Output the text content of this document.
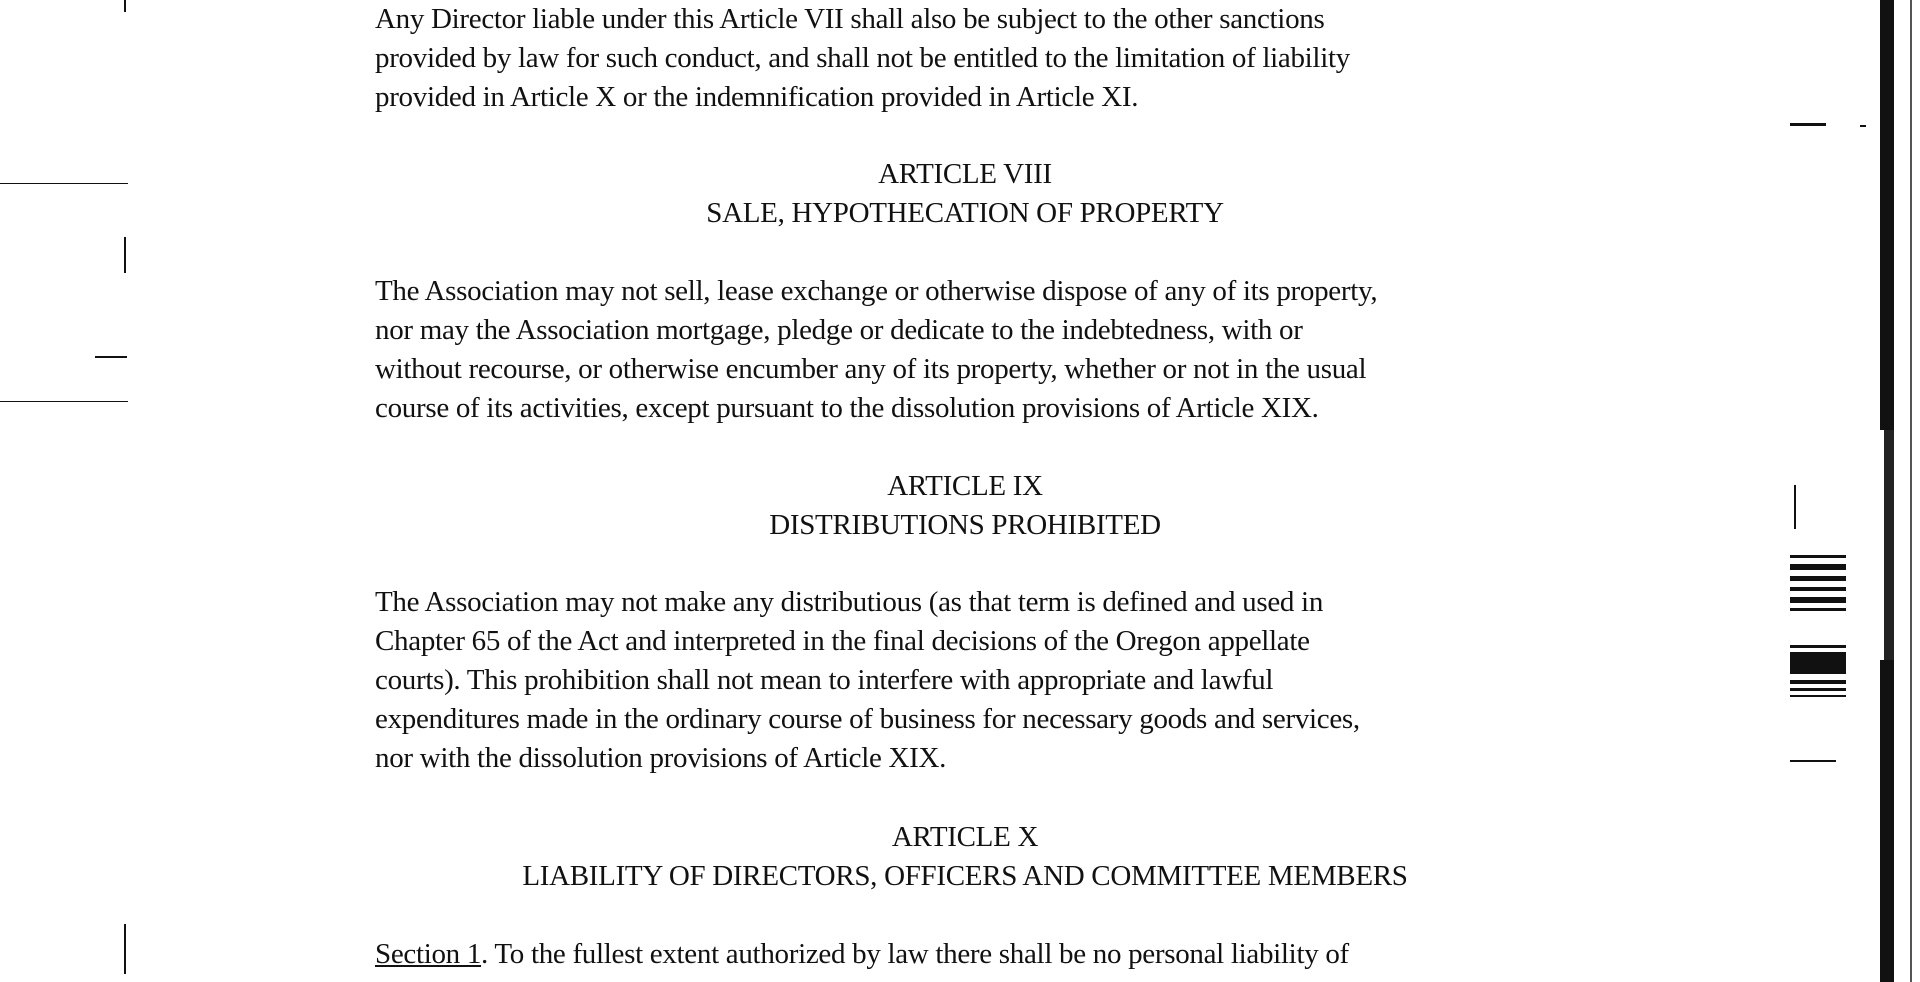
Any Director liable under this Article VII shall also be subject to the other sanctions
provided by law for such conduct, and shall not be entitled to the limitation of liability
provided in Article X or the indemnification provided in Article XI.
ARTICLE VIII
SALE, HYPOTHECATION OF PROPERTY
The Association may not sell, lease exchange or otherwise dispose of any of its property,
nor may the Association mortgage, pledge or dedicate to the indebtedness, with or
without recourse, or otherwise encumber any of its property, whether or not in the usual
course of its activities, except pursuant to the dissolution provisions of Article XIX.
ARTICLE IX
DISTRIBUTIONS PROHIBITED
The Association may not make any distributious (as that term is defined and used in
Chapter 65 of the Act and interpreted in the final decisions of the Oregon appellate
courts). This prohibition shall not mean to interfere with appropriate and lawful
expenditures made in the ordinary course of business for necessary goods and services,
nor with the dissolution provisions of Article XIX.
ARTICLE X
LIABILITY OF DIRECTORS, OFFICERS AND COMMITTEE MEMBERS
Section 1. To the fullest extent authorized by law there shall be no personal liability of
